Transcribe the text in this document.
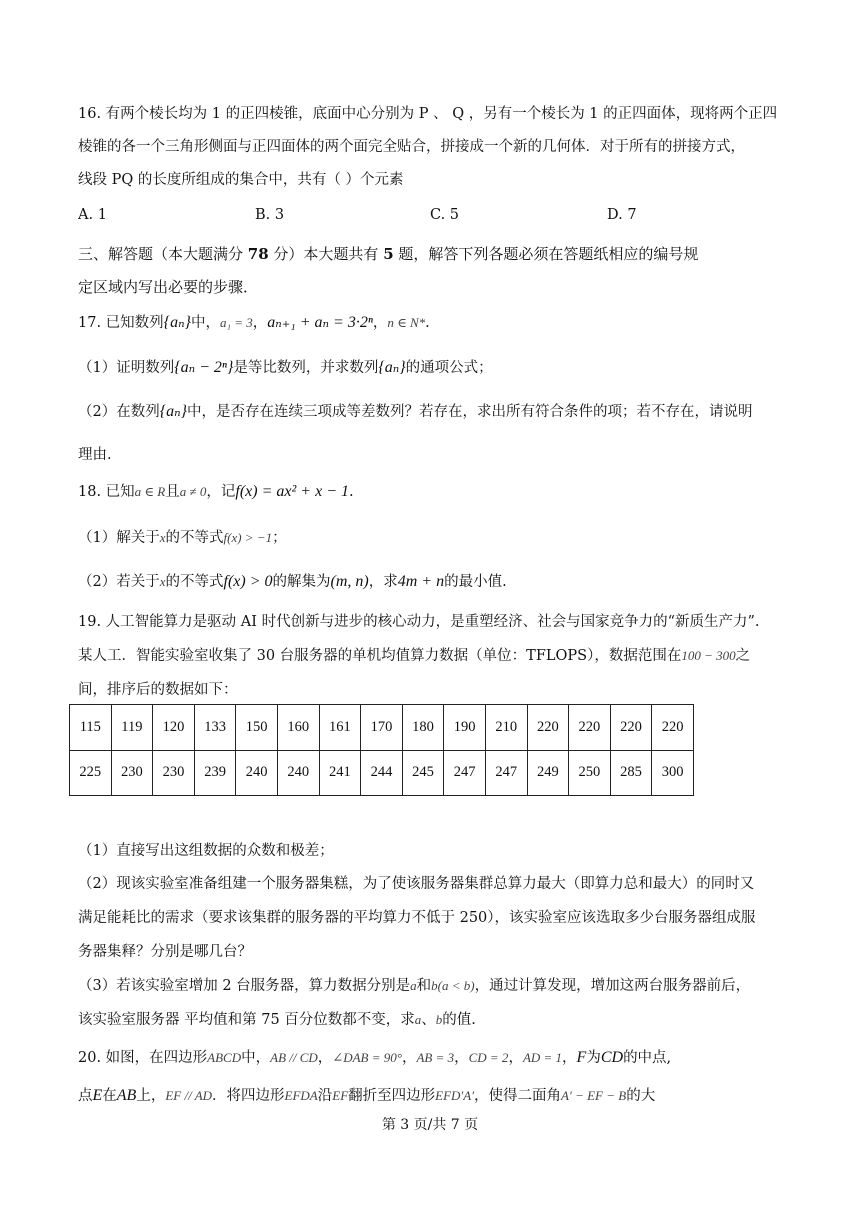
16. 有两个棱长均为 1 的正四棱锥，底面中心分别为 P 、 Q ，另有一个棱长为 1 的正四面体，现将两个正四
棱锥的各一个三角形侧面与正四面体的两个面完全贴合，拼接成一个新的几何体．对于所有的拼接方式，
线段 PQ 的长度所组成的集合中，共有（ ）个元素
A. 1	B. 3	C. 5	D. 7
三、解答题（本大题满分 78 分）本大题共有 5 题，解答下列各题必须在答题纸相应的编号规
定区域内写出必要的步骤．
17. 已知数列{aₙ}中，a₁ = 3，aₙ₊₁ + aₙ = 3·2ⁿ，n ∈ N*.
（1）证明数列{aₙ − 2ⁿ}是等比数列，并求数列{aₙ}的通项公式；
（2）在数列{aₙ}中，是否存在连续三项成等差数列？若存在，求出所有符合条件的项；若不存在，请说明
理由.
18. 已知a ∈ R且a ≠ 0，记f(x) = ax² + x − 1.
（1）解关于x的不等式f(x) > −1；
（2）若关于x的不等式f(x) > 0的解集为(m, n)，求4m + n的最小值.
19. 人工智能算力是驱动 AI 时代创新与进步的核心动力，是重塑经济、社会与国家竞争力的“新质生产力”.
某人工．智能实验室收集了 30 台服务器的单机均值算力数据（单位：TFLOPS），数据范围在100 − 300之
间，排序后的数据如下：
115	119	120	133	150	160	161	170	180	190	210	220	220	220	220
225	230	230	239	240	240	241	244	245	247	247	249	250	285	300
（1）直接写出这组数据的众数和极差；
（2）现该实验室准备组建一个服务器集糕，为了使该服务器集群总算力最大（即算力总和最大）的同时又
满足能耗比的需求（要求该集群的服务器的平均算力不低于 250），该实验室应该选取多少台服务器组成服
务器集释？分别是哪几台？
（3）若该实验室增加 2 台服务器，算力数据分别是a和b(a < b)，通过计算发现，增加这两台服务器前后，
该实验室服务器 平均值和第 75 百分位数都不变，求a、b的值.
20. 如图，在四边形ABCD中，AB // CD，∠DAB = 90°，AB = 3，CD = 2，AD = 1，F为CD的中点,
点E在AB上，EF // AD．将四边形EFDA沿EF翻折至四边形EFD′A′，使得二面角A′ − EF − B的大
第 3 页/共 7 页
